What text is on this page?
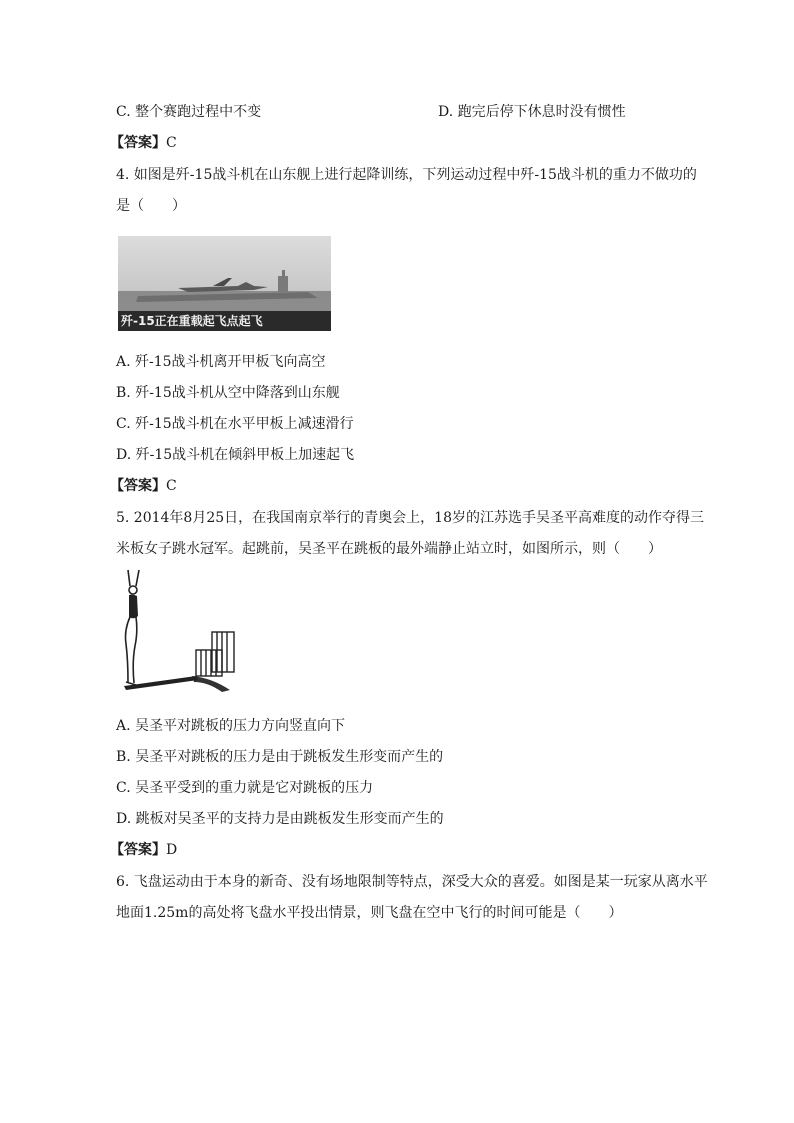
C. 整个赛跑过程中不变	D. 跑完后停下休息时没有惯性
【答案】C
4. 如图是歼-15战斗机在山东舰上进行起降训练，下列运动过程中歼-15战斗机的重力不做功的
是（　　）
歼-15正在重载起飞点起飞
A. 歼-15战斗机离开甲板飞向高空
B. 歼-15战斗机从空中降落到山东舰
C. 歼-15战斗机在水平甲板上减速滑行
D. 歼-15战斗机在倾斜甲板上加速起飞
【答案】C
5. 2014年8月25日，在我国南京举行的青奥会上，18岁的江苏选手吴圣平高难度的动作夺得三
米板女子跳水冠军。起跳前，吴圣平在跳板的最外端静止站立时，如图所示，则（　　）
A. 吴圣平对跳板的压力方向竖直向下
B. 吴圣平对跳板的压力是由于跳板发生形变而产生的
C. 吴圣平受到的重力就是它对跳板的压力
D. 跳板对吴圣平的支持力是由跳板发生形变而产生的
【答案】D
6. 飞盘运动由于本身的新奇、没有场地限制等特点，深受大众的喜爱。如图是某一玩家从离水平
地面1.25m的高处将飞盘水平投出情景，则飞盘在空中飞行的时间可能是（　　）
